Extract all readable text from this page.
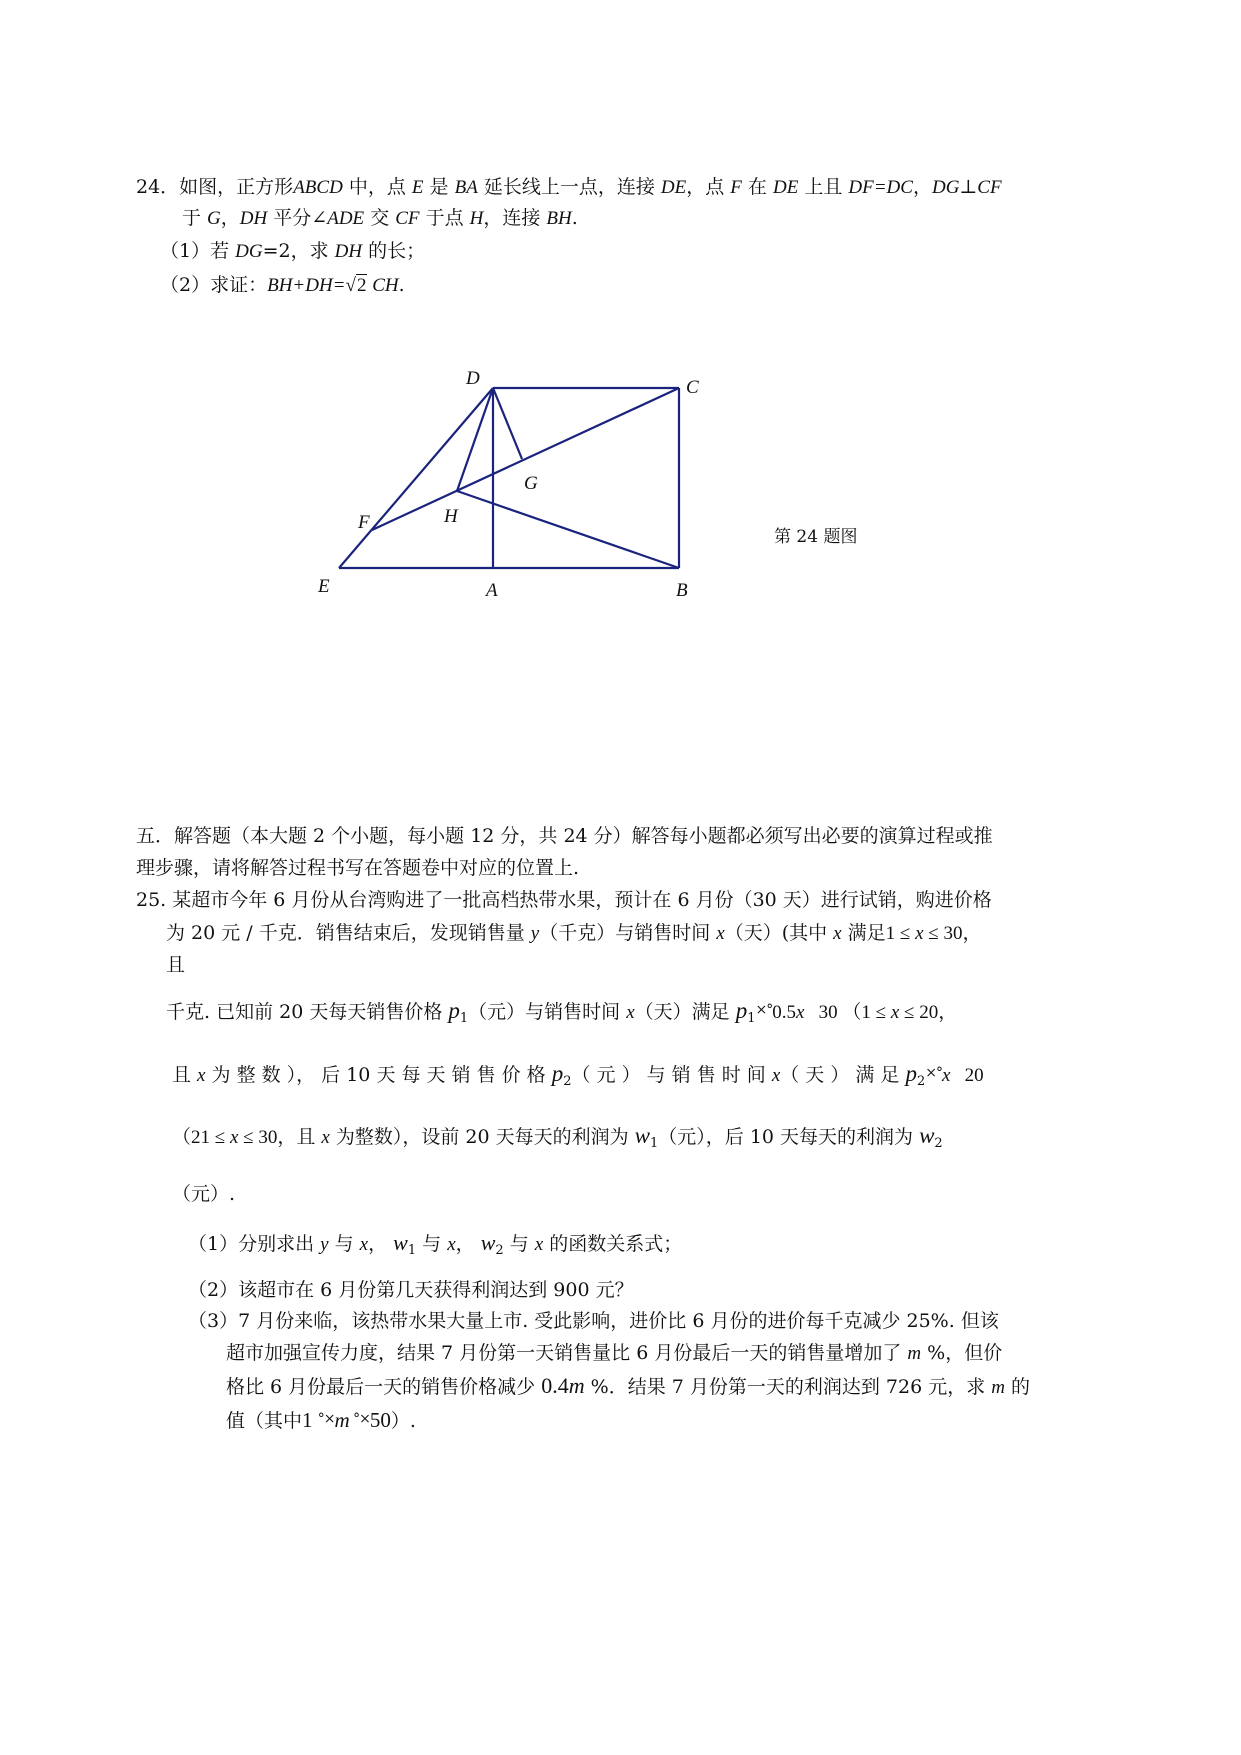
24．如图，正方形ABCD 中，点 E 是 BA 延长线上一点，连接 DE，点 F 在 DE 上且 DF=DC，DG⊥CF
于 G，DH 平分∠ADE 交 CF 于点 H，连接 BH.
（1）若 DG=2，求 DH 的长；
（2）求证：BH+DH=√2 CH.
D	C
G
F	H
E	A	B
第 24 题图
五．解答题（本大题 2 个小题，每小题 12 分，共 24 分）解答每小题都必须写出必要的演算过程或推
理步骤，请将解答过程书写在答题卷中对应的位置上.
25. 某超市今年 6 月份从台湾购进了一批高档热带水果，预计在 6 月份（30 天）进行试销，购进价格
为 20 元 / 千克．销售结束后，发现销售量 y（千克）与销售时间 x（天）(其中 x 满足1 ≤ x ≤ 30，
且
千克. 已知前 20 天每天销售价格 $p_1$（元）与销售时间 x（天）满足 $p_1^{\times^\circ}0.5x$   30 （1 ≤ x ≤ 20，
且 x 为 整 数 ）， 后 10 天 每 天 销 售 价 格 $p_2$（ 元 ） 与 销 售 时 间 x（ 天 ） 满 足 $p_2^{\times^\circ}x$   20
（21 ≤ x ≤ 30，且 x 为整数），设前 20 天每天的利润为 $w_1$（元），后 10 天每天的利润为 $w_2$
（元）.
（1）分别求出 y 与 x， $w_1$ 与 x， $w_2$ 与 x 的函数关系式；
（2）该超市在 6 月份第几天获得利润达到 900 元？
（3）7 月份来临，该热带水果大量上市. 受此影响，进价比 6 月份的进价每千克减少 25%. 但该
超市加强宣传力度，结果 7 月份第一天销售量比 6 月份最后一天的销售量增加了 m %，但价
格比 6 月份最后一天的销售价格减少 0.4m %．结果 7 月份第一天的利润达到 726 元，求 m 的
值（其中1 °×m °×50）.
